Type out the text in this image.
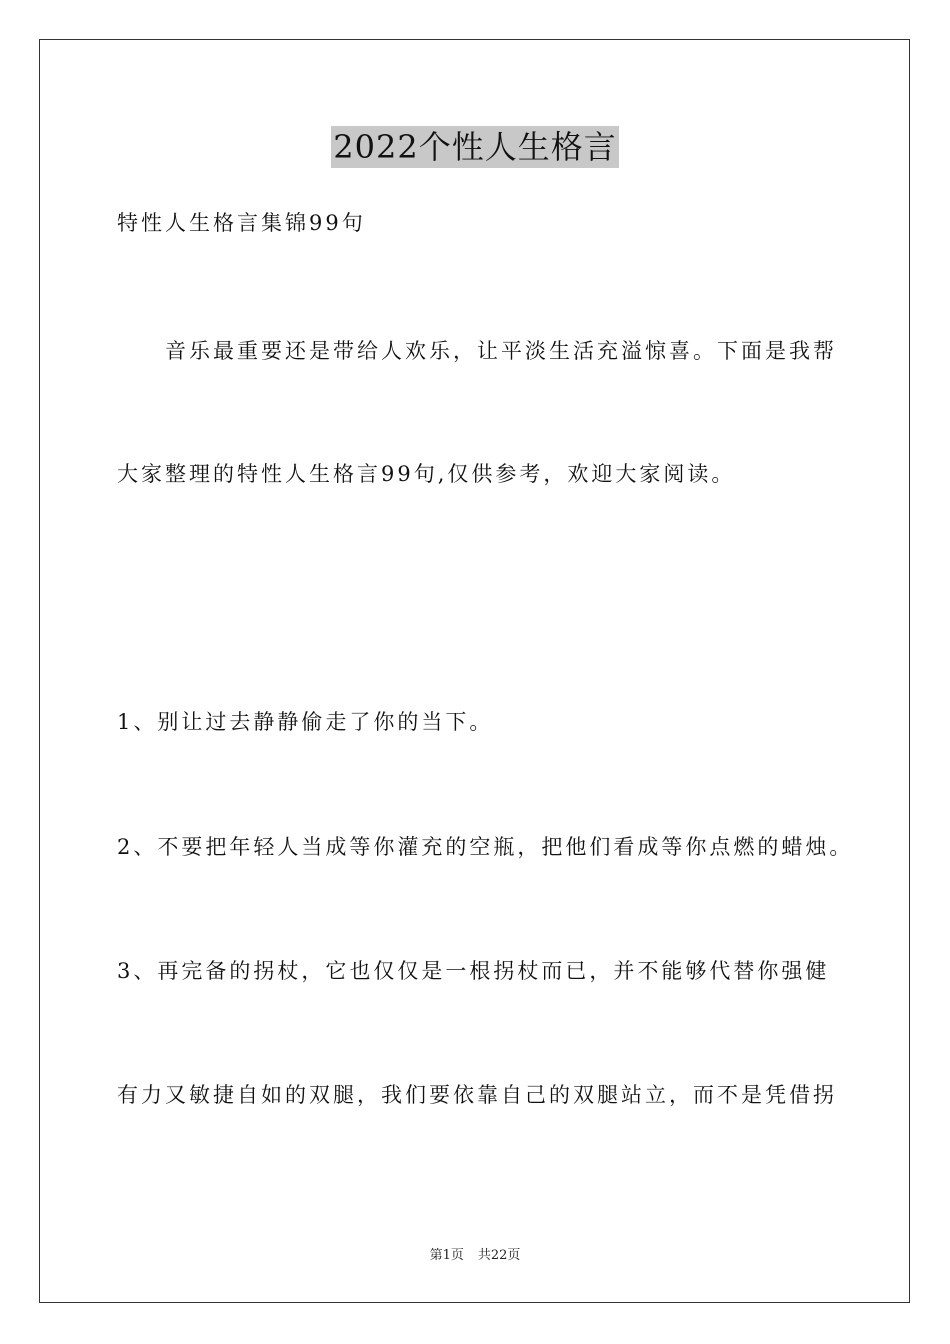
2022个性人生格言
特性人生格言集锦99句
音乐最重要还是带给人欢乐，让平淡生活充溢惊喜。下面是我帮
大家整理的特性人生格言99句,仅供参考，欢迎大家阅读。
1、别让过去静静偷走了你的当下。
2、不要把年轻人当成等你灌充的空瓶，把他们看成等你点燃的蜡烛。
3、再完备的拐杖，它也仅仅是一根拐杖而已，并不能够代替你强健
有力又敏捷自如的双腿，我们要依靠自己的双腿站立，而不是凭借拐
第1页 共22页
